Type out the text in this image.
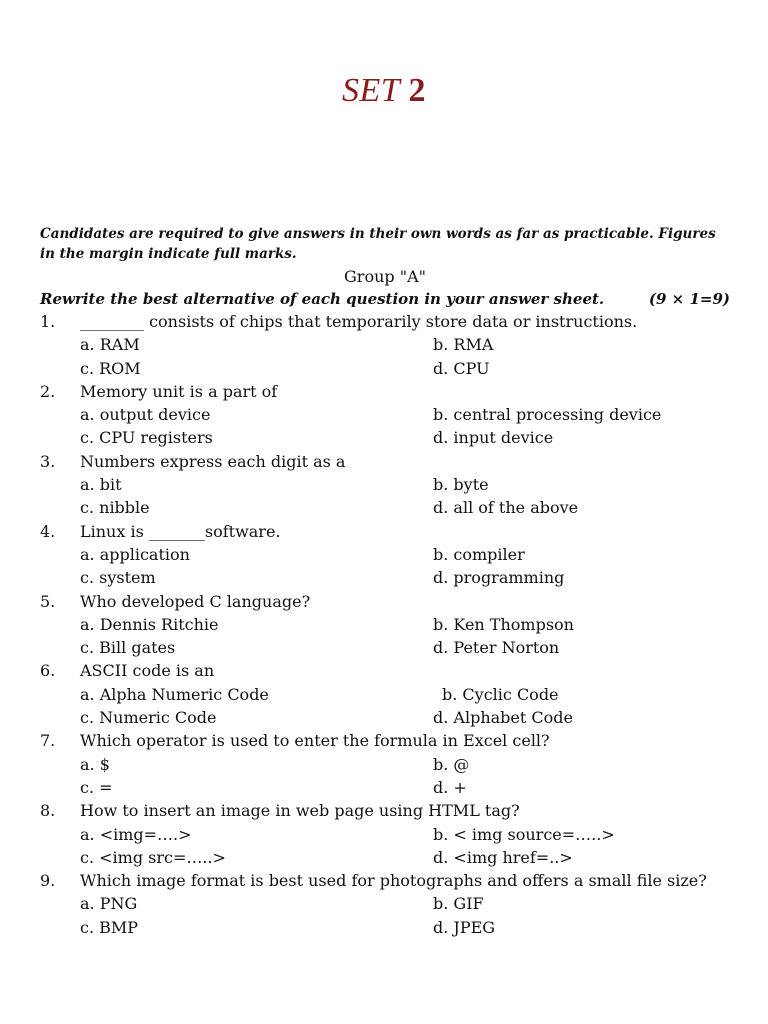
SET 2

Candidates are required to give answers in their own words as far as practicable. Figures in the margin indicate full marks.

Group "A"
Rewrite the best alternative of each question in your answer sheet.	(9 × 1=9)
1.	________ consists of chips that temporarily store data or instructions.
a. RAM	b. RMA
c. ROM	d. CPU
2.	Memory unit is a part of
a. output device	b. central processing device
c. CPU registers	d. input device
3.	Numbers express each digit as a
a. bit	b. byte
c. nibble	d. all of the above
4.	Linux is _______software.
a. application	b. compiler
c. system	d. programming
5.	Who developed C language?
a. Dennis Ritchie	b. Ken Thompson
c. Bill gates	d. Peter Norton
6.	ASCII code is an
a. Alpha Numeric Code	b. Cyclic Code
c. Numeric Code	d. Alphabet Code
7.	Which operator is used to enter the formula in Excel cell?
a. $	b. @
c. =	d. +
8.	How to insert an image in web page using HTML tag?
a. <img=….>	b. < img source=…..>
c. <img src=…..>	d. <img href=..>
9.	Which image format is best used for photographs and offers a small file size?
a. PNG	b. GIF
c. BMP	d. JPEG
